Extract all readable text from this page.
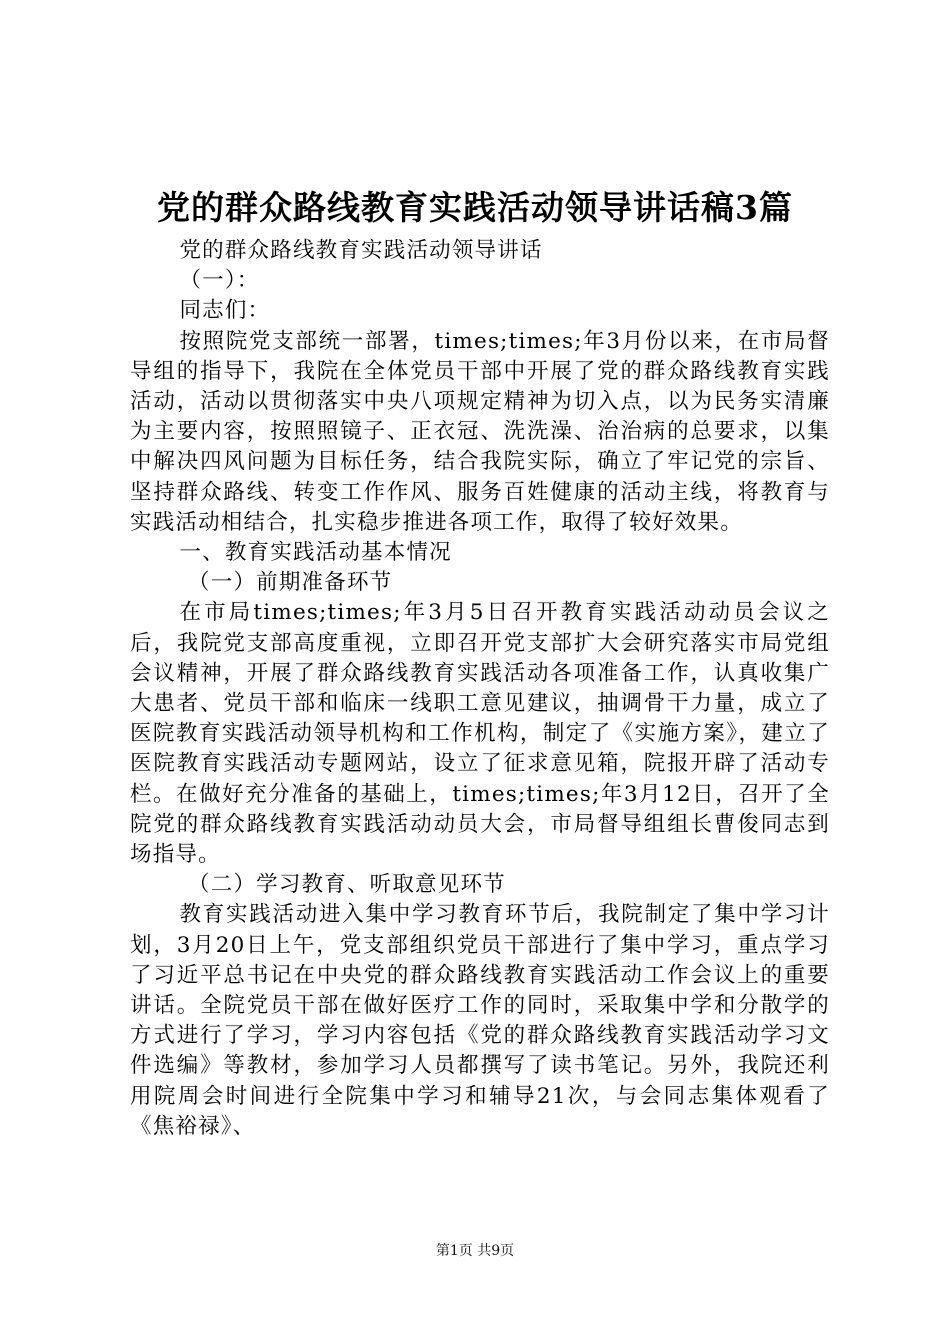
党的群众路线教育实践活动领导讲话稿3篇

党的群众路线教育实践活动领导讲话

（一）：

同志们：

按照院党支部统一部署，times;times;年3月份以来，在市局督导组的指导下，我院在全体党员干部中开展了党的群众路线教育实践活动，活动以贯彻落实中央八项规定精神为切入点，以为民务实清廉为主要内容，按照照镜子、正衣冠、洗洗澡、治治病的总要求，以集中解决四风问题为目标任务，结合我院实际，确立了牢记党的宗旨、坚持群众路线、转变工作作风、服务百姓健康的活动主线，将教育与实践活动相结合，扎实稳步推进各项工作，取得了较好效果。

一、教育实践活动基本情况

（一）前期准备环节

在市局times;times;年3月5日召开教育实践活动动员会议之后，我院党支部高度重视，立即召开党支部扩大会研究落实市局党组会议精神，开展了群众路线教育实践活动各项准备工作，认真收集广大患者、党员干部和临床一线职工意见建议，抽调骨干力量，成立了医院教育实践活动领导机构和工作机构，制定了《实施方案》，建立了医院教育实践活动专题网站，设立了征求意见箱，院报开辟了活动专栏。在做好充分准备的基础上，times;times;年3月12日，召开了全院党的群众路线教育实践活动动员大会，市局督导组组长曹俊同志到场指导。

（二）学习教育、听取意见环节

教育实践活动进入集中学习教育环节后，我院制定了集中学习计划，3月20日上午，党支部组织党员干部进行了集中学习，重点学习了习近平总书记在中央党的群众路线教育实践活动工作会议上的重要讲话。全院党员干部在做好医疗工作的同时，采取集中学和分散学的方式进行了学习，学习内容包括《党的群众路线教育实践活动学习文件选编》等教材，参加学习人员都撰写了读书笔记。另外，我院还利用院周会时间进行全院集中学习和辅导21次，与会同志集体观看了《焦裕禄》、

第1页 共9页
